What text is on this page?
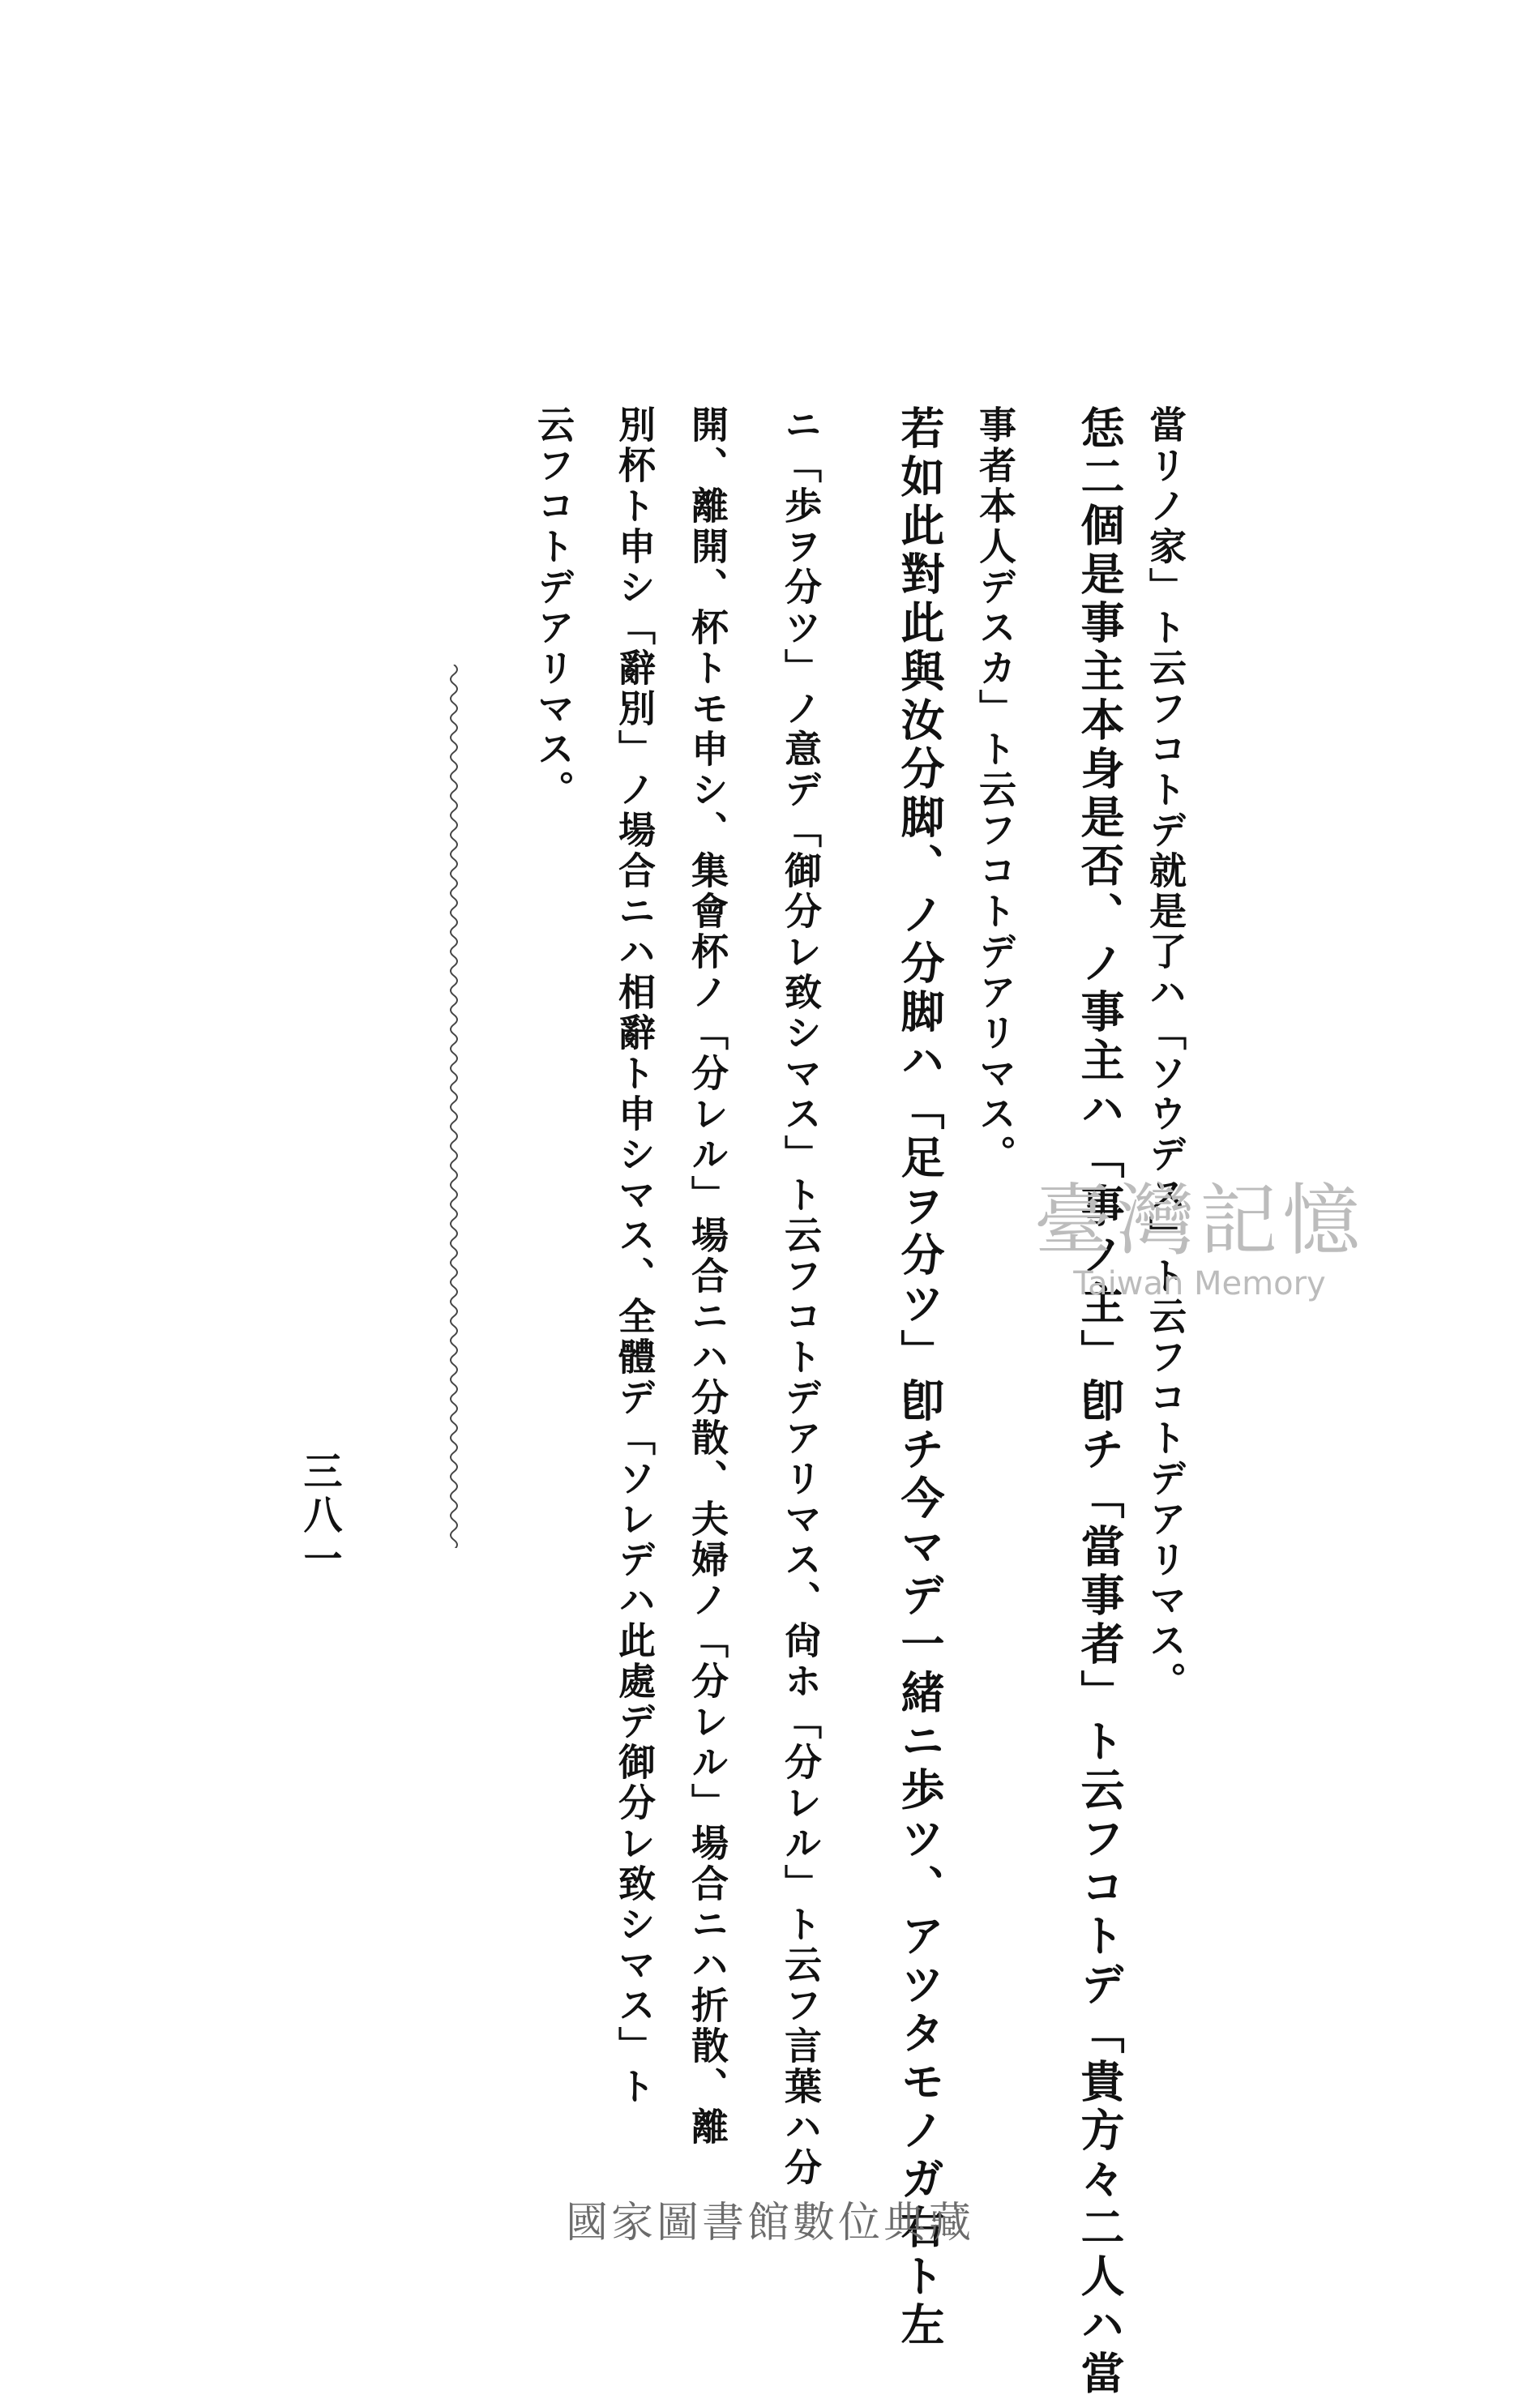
當リノ家」ト云フコトデ就是了ハ「ソウデス」ト云フコトデアリマス。
恁二個是事主本身是否、ノ事主ハ「事ノ主」卽チ「當事者」ト云フコトデ「貴方々二人ハ當
事者本人デスカ」ト云フコトデアリマス。
若如此對此與汝分脚、ノ分脚ハ「足ヲ分ツ」卽チ今マデ一緒ニ歩ツ、アツタモノガ右ト左
ニ「歩ヲ分ツ」ノ意デ「御分レ致シマス」ト云フコトデアリマス、尙ホ「分レル」ト云フ言葉ハ分
開、離開、杯トモ申シ、集會杯ノ「分レル」場合ニハ分散、夫婦ノ「分レル」場合ニハ折散、離
別杯ト申シ「辭別」ノ場合ニハ相辭ト申シマス、全體デ「ソレデハ此處デ御分レ致シマス」ト
云フコトデアリマス。
三八一
臺灣記憶
Taiwan Memory
國家圖書館數位典藏
